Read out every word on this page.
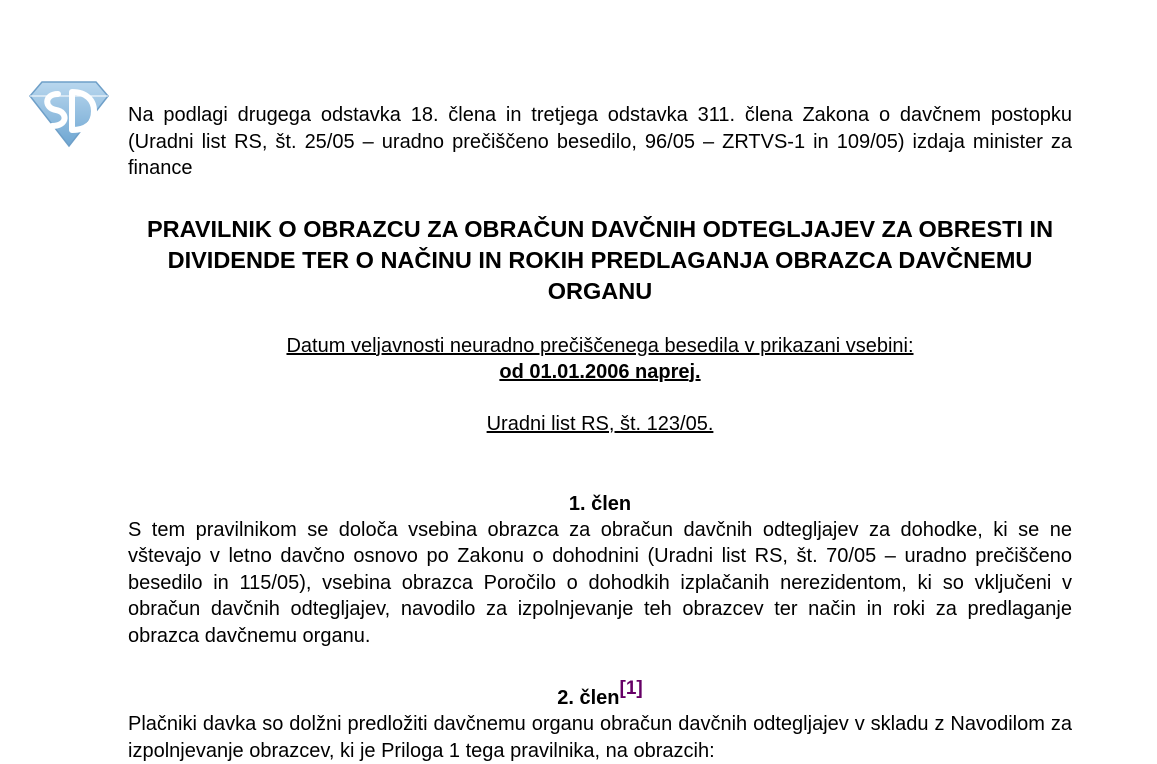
Na podlagi drugega odstavka 18. člena in tretjega odstavka 311. člena Zakona o davčnem postopku (Uradni list RS, št. 25/05 – uradno prečiščeno besedilo, 96/05 – ZRTVS-1 in 109/05) izdaja minister za finance

PRAVILNIK O OBRAZCU ZA OBRAČUN DAVČNIH ODTEGLJAJEV ZA OBRESTI IN DIVIDENDE TER O NAČINU IN ROKIH PREDLAGANJA OBRAZCA DAVČNEMU ORGANU
Datum veljavnosti neuradno prečiščenega besedila v prikazani vsebini:
od 01.01.2006 naprej.
Uradni list RS, št. 123/05.

1. člen

S tem pravilnikom se določa vsebina obrazca za obračun davčnih odtegljajev za dohodke, ki se ne vštevajo v letno davčno osnovo po Zakonu o dohodnini (Uradni list RS, št. 70/05 – uradno prečiščeno besedilo in 115/05), vsebina obrazca Poročilo o dohodkih izplačanih nerezidentom, ki so vključeni v obračun davčnih odtegljajev, navodilo za izpolnjevanje teh obrazcev ter način in roki za predlaganje obrazca davčnemu organu.

2. člen[1]

Plačniki davka so dolžni predložiti davčnemu organu obračun davčnih odtegljajev v skladu z Navodilom za izpolnjevanje obrazcev, ki je Priloga 1 tega pravilnika, na obrazcih:
